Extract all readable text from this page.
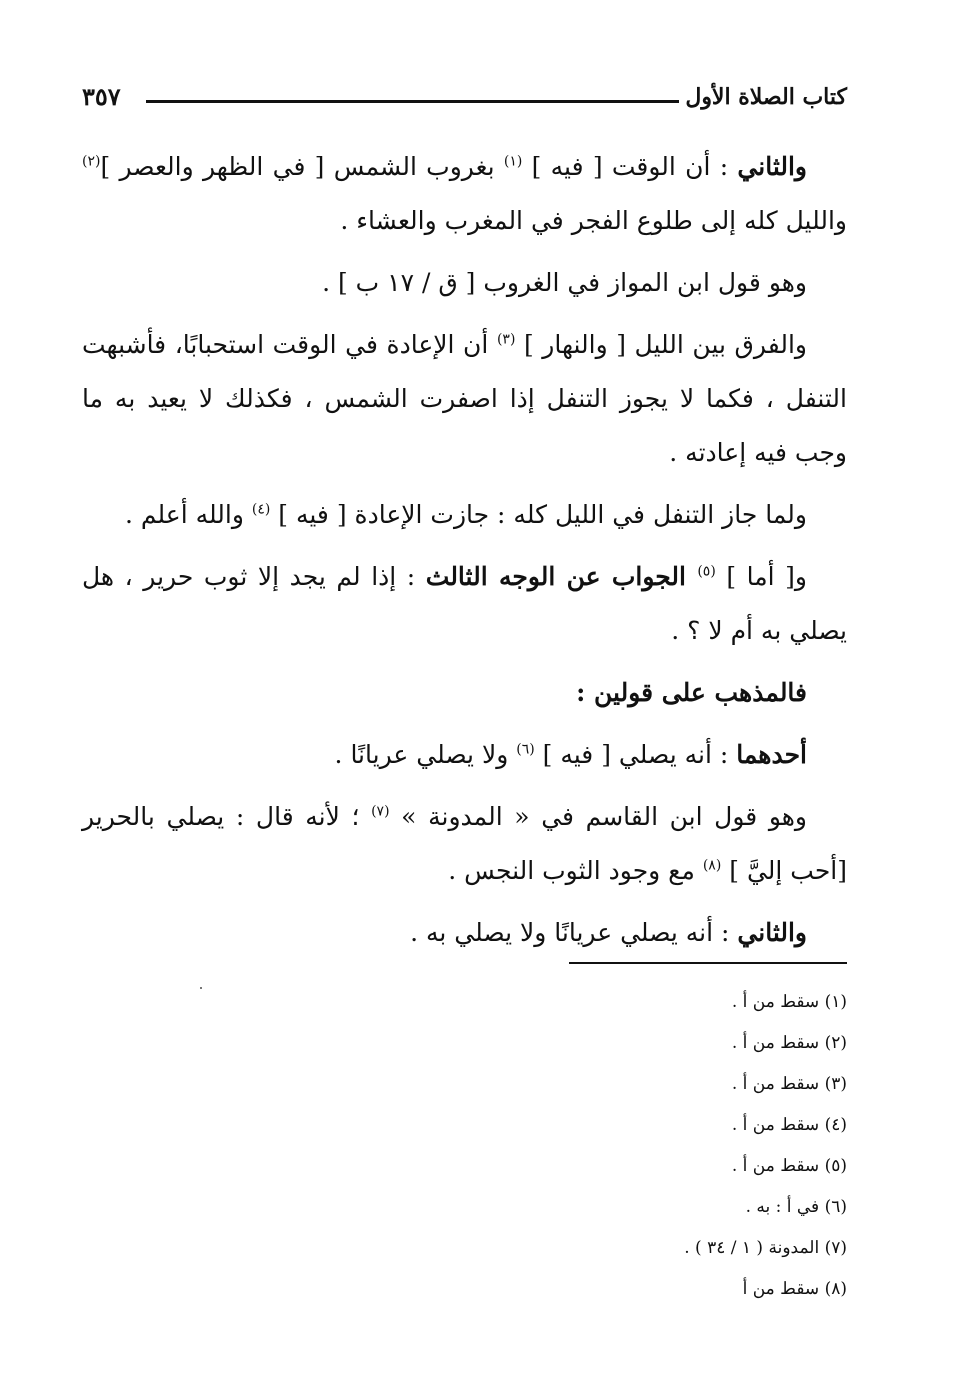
كتاب الصلاة الأول
٣٥٧

والثاني : أن الوقت [ فيه ] $^{(١)}$ بغروب الشمس [ في الظهر والعصر ]$^{(٢)}$ والليل كله إلى طلوع الفجر في المغرب والعشاء .

وهو قول ابن المواز في الغروب [ ق / ١٧ ب ] .

والفرق بين الليل [ والنهار ] $^{(٣)}$ أن الإعادة في الوقت استحبابًا، فأشبهت التنفل ، فكما لا يجوز التنفل إذا اصفرت الشمس ، فكذلك لا يعيد به ما وجب فيه إعادته .

ولما جاز التنفل في الليل كله : جازت الإعادة [ فيه ] $^{(٤)}$ والله أعلم .

و[ أما ] $^{(٥)}$ الجواب عن الوجه الثالث : إذا لم يجد إلا ثوب حرير ، هل يصلي به أم لا ؟ .

فالمذهب على قولين :

أحدهما : أنه يصلي [ فيه ] $^{(٦)}$ ولا يصلي عريانًا .

وهو قول ابن القاسم في « المدونة » $^{(٧)}$ ؛ لأنه قال : يصلي بالحرير [أحب إليَّ ] $^{(٨)}$ مع وجود الثوب النجس .

والثاني : أنه يصلي عريانًا ولا يصلي به .

(١) سقط من أ .
(٢) سقط من أ .
(٣) سقط من أ .
(٤) سقط من أ .
(٥) سقط من أ .
(٦) في أ : به .
(٧) المدونة ( ١ / ٣٤ ) .
(٨) سقط من أ
